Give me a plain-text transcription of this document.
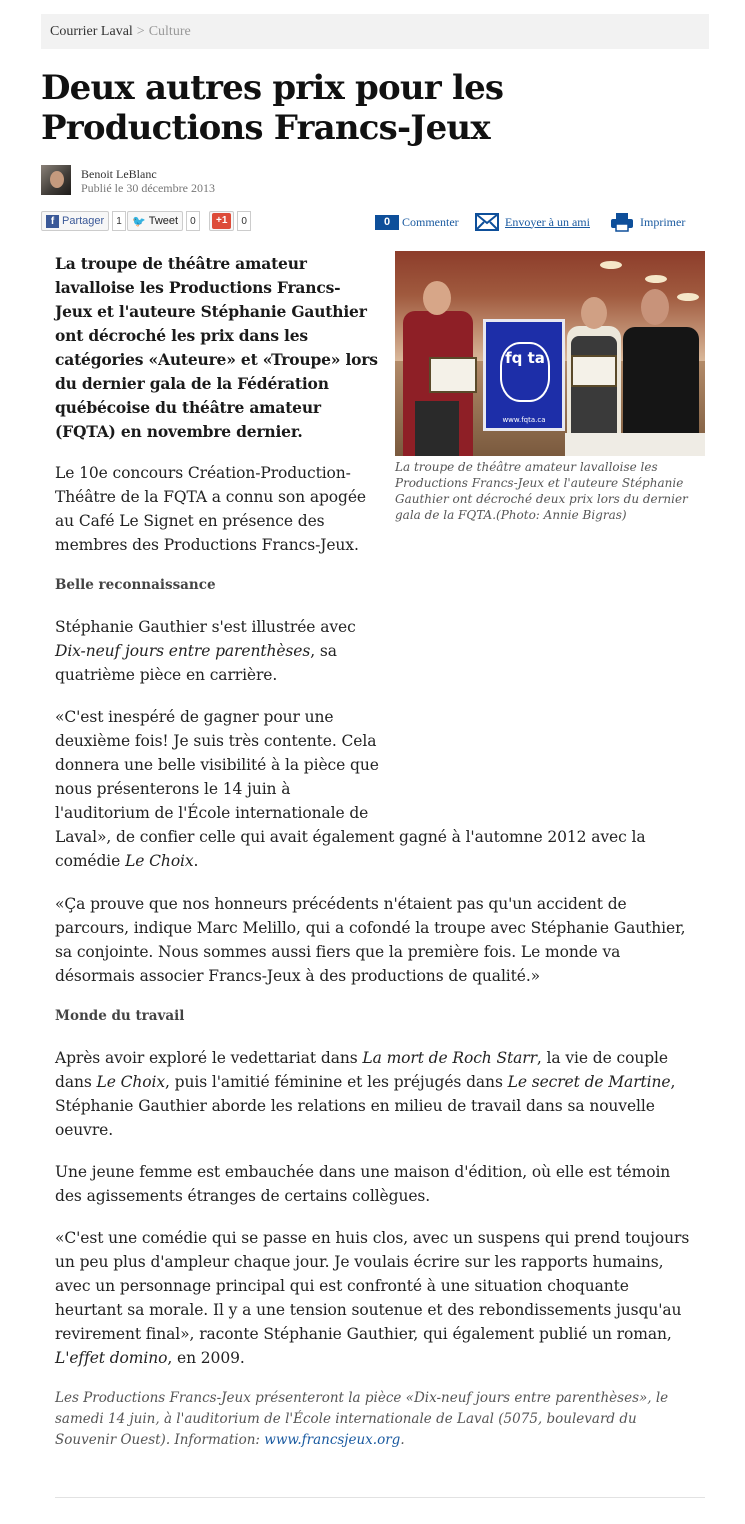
Courrier Laval > Culture
Deux autres prix pour les
Productions Francs-Jeux
Benoit LeBlanc
Publié le 30 décembre 2013
f Partager	1 🐦 Tweet	0	+1	0	0 Commenter	Envoyer à un ami	Imprimer
La troupe de théâtre amateur
lavalloise les Productions Francs-
Jeux et l'auteure Stéphanie Gauthier
ont décroché les prix dans les
catégories «Auteure» et «Troupe» lors
du dernier gala de la Fédération
québécoise du théâtre amateur
(FQTA) en novembre dernier.
fq ta
www.fqta.ca
La troupe de théâtre amateur lavalloise les
Productions Francs-Jeux et l'auteure Stéphanie
Gauthier ont décroché deux prix lors du dernier
gala de la FQTA.(Photo: Annie Bigras)
Le 10e concours Création-Production-
Théâtre de la FQTA a connu son apogée
au Café Le Signet en présence des
membres des Productions Francs-Jeux.
Belle reconnaissance
Stéphanie Gauthier s'est illustrée avec
Dix-neuf jours entre parenthèses, sa
quatrième pièce en carrière.
«C'est inespéré de gagner pour une
deuxième fois! Je suis très contente. Cela
donnera une belle visibilité à la pièce que
nous présenterons le 14 juin à
l'auditorium de l'École internationale de
Laval», de confier celle qui avait également gagné à l'automne 2012 avec la
comédie Le Choix.
«Ça prouve que nos honneurs précédents n'étaient pas qu'un accident de
parcours, indique Marc Melillo, qui a cofondé la troupe avec Stéphanie Gauthier,
sa conjointe. Nous sommes aussi fiers que la première fois. Le monde va
désormais associer Francs-Jeux à des productions de qualité.»
Monde du travail
Après avoir exploré le vedettariat dans La mort de Roch Starr, la vie de couple
dans Le Choix, puis l'amitié féminine et les préjugés dans Le secret de Martine,
Stéphanie Gauthier aborde les relations en milieu de travail dans sa nouvelle
oeuvre.
Une jeune femme est embauchée dans une maison d'édition, où elle est témoin
des agissements étranges de certains collègues.
«C'est une comédie qui se passe en huis clos, avec un suspens qui prend toujours
un peu plus d'ampleur chaque jour. Je voulais écrire sur les rapports humains,
avec un personnage principal qui est confronté à une situation choquante
heurtant sa morale. Il y a une tension soutenue et des rebondissements jusqu'au
revirement final», raconte Stéphanie Gauthier, qui également publié un roman,
L'effet domino, en 2009.
Les Productions Francs-Jeux présenteront la pièce «Dix-neuf jours entre parenthèses», le
samedi 14 juin, à l'auditorium de l'École internationale de Laval (5075, boulevard du
Souvenir Ouest). Information: www.francsjeux.org.
